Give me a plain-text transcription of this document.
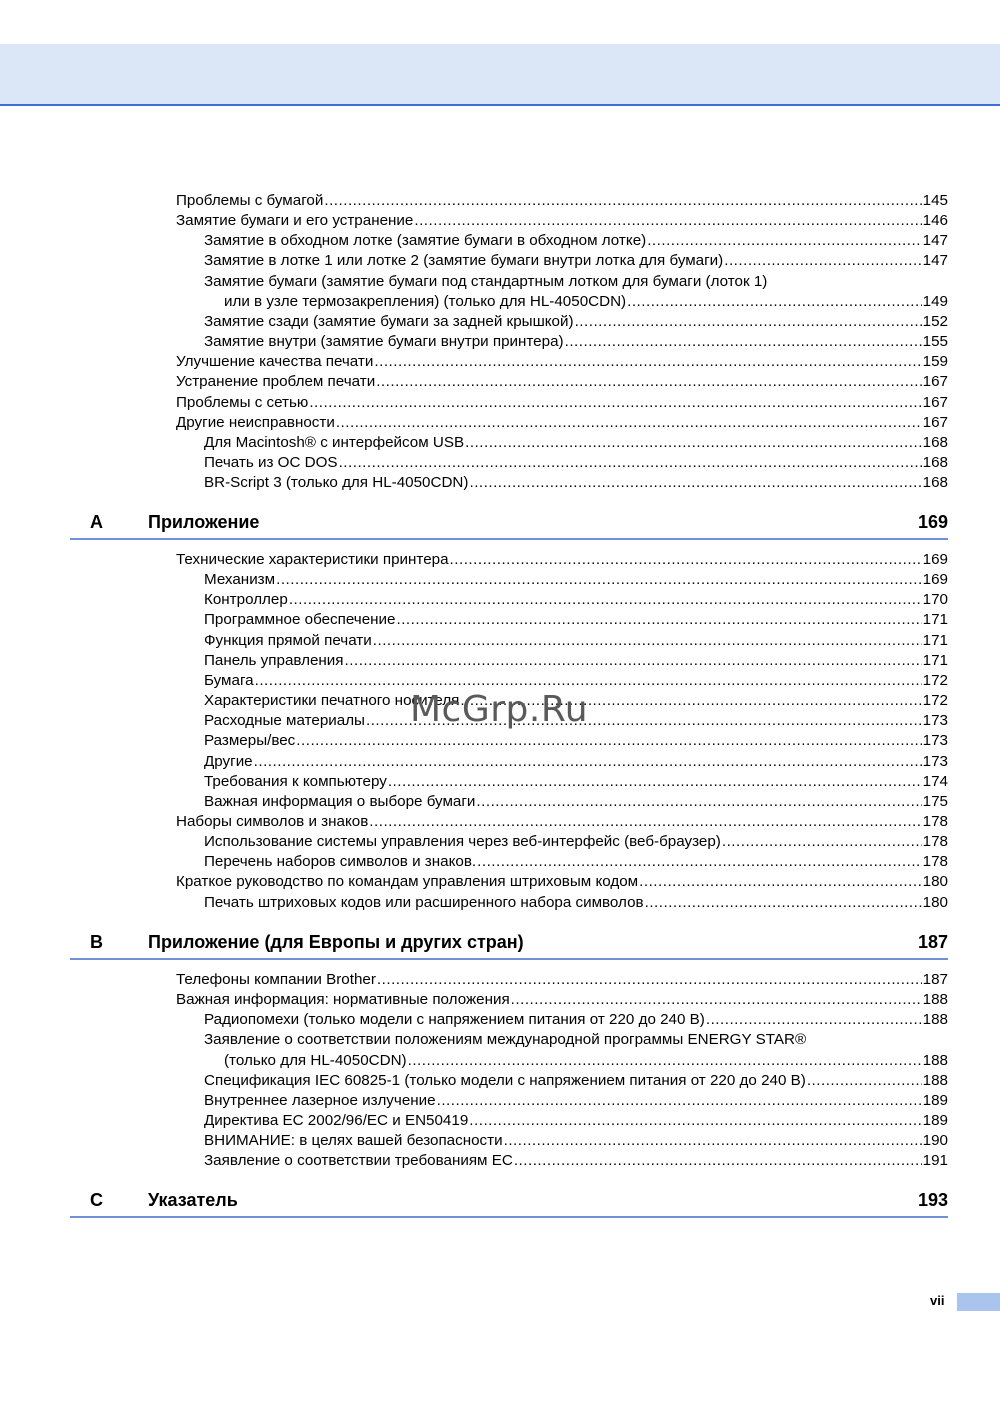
Проблемы с бумагой .....	145
Замятие бумаги и его устранение .....	146
Замятие в обходном лотке (замятие бумаги в обходном лотке) .....	147
Замятие в лотке 1 или лотке 2 (замятие бумаги внутри лотка для бумаги) .....	147
Замятие бумаги (замятие бумаги под стандартным лотком для бумаги (лоток 1)
или в узле термозакрепления) (только для HL-4050CDN) .....	149
Замятие сзади (замятие бумаги за задней крышкой) .....	152
Замятие внутри (замятие бумаги внутри принтера) .....	155
Улучшение качества печати .....	159
Устранение проблем печати .....	167
Проблемы с сетью .....	167
Другие неисправности .....	167
Для Macintosh® с интерфейсом USB .....	168
Печать из ОС DOS .....	168
BR-Script 3 (только для HL-4050CDN) .....	168
A	Приложение	169
Технические характеристики принтера .....	169
Механизм .....	169
Контроллер .....	170
Программное обеспечение .....	171
Функция прямой печати .....	171
Панель управления .....	171
Бумага .....	172
Характеристики печатного носителя .....	172
Расходные материалы .....	173
Размеры/вес .....	173
Другие .....	173
Требования к компьютеру .....	174
Важная информация о выборе бумаги .....	175
Наборы символов и знаков .....	178
Использование системы управления через веб-интерфейс (веб-браузер) .....	178
Перечень наборов символов и знаков. .....	178
Краткое руководство по командам управления штриховым кодом .....	180
Печать штриховых кодов или расширенного набора символов .....	180
B	Приложение (для Европы и других стран)	187
Телефоны компании Brother .....	187
Важная информация: нормативные положения .....	188
Радиопомехи (только модели с напряжением питания от 220 до 240 В) .....	188
Заявление о соответствии положениям международной программы ENERGY STAR®
(только для HL-4050CDN) .....	188
Спецификация IEC 60825-1 (только модели с напряжением питания от 220 до 240 В) .....	188
Внутреннее лазерное излучение .....	189
Директива ЕС 2002/96/EC и EN50419 .....	189
ВНИМАНИЕ: в целях вашей безопасности .....	190
Заявление о соответствии требованиям ЕС .....	191
C	Указатель	193
McGrp.Ru
vii
